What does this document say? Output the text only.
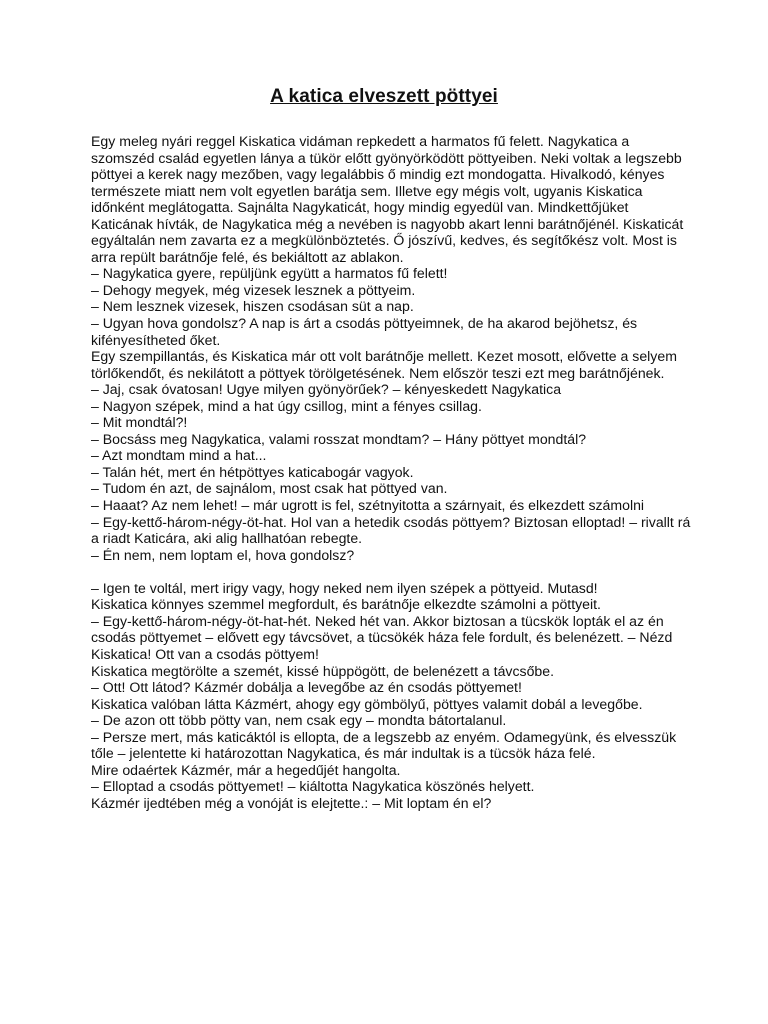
A katica elveszett pöttyei

Egy meleg nyári reggel Kiskatica vidáman repkedett a harmatos fű felett. Nagykatica a szomszéd család egyetlen lánya a tükör előtt gyönyörködött pöttyeiben. Neki voltak a legszebb pöttyei a kerek nagy mezőben, vagy legalábbis ő mindig ezt mondogatta. Hivalkodó, kényes természete miatt nem volt egyetlen barátja sem. Illetve egy mégis volt, ugyanis Kiskatica időnként meglátogatta. Sajnálta Nagykaticát, hogy mindig egyedül van. Mindkettőjüket Katicának hívták, de Nagykatica még a nevében is nagyobb akart lenni barátnőjénél. Kiskaticát egyáltalán nem zavarta ez a megkülönböztetés. Ő jószívű, kedves, és segítőkész volt. Most is arra repült barátnője felé, és bekiáltott az ablakon.

– Nagykatica gyere, repüljünk együtt a harmatos fű felett!

– Dehogy megyek, még vizesek lesznek a pöttyeim.

– Nem lesznek vizesek, hiszen csodásan süt a nap.

– Ugyan hova gondolsz? A nap is árt a csodás pöttyeimnek, de ha akarod bejöhetsz, és kifényesítheted őket.

Egy szempillantás, és Kiskatica már ott volt barátnője mellett. Kezet mosott, elővette a selyem törlőkendőt, és nekilátott a pöttyek törölgetésének. Nem először teszi ezt meg barátnőjének.

– Jaj, csak óvatosan! Ugye milyen gyönyörűek? – kényeskedett Nagykatica

– Nagyon szépek, mind a hat úgy csillog, mint a fényes csillag.

– Mit mondtál?!

– Bocsáss meg Nagykatica, valami rosszat mondtam? – Hány pöttyet mondtál?

– Azt mondtam mind a hat...

– Talán hét, mert én hétpöttyes katicabogár vagyok.

– Tudom én azt, de sajnálom, most csak hat pöttyed van.

– Haaat? Az nem lehet! – már ugrott is fel, szétnyitotta a szárnyait, és elkezdett számolni

– Egy-kettő-három-négy-öt-hat. Hol van a hetedik csodás pöttyem? Biztosan elloptad! – rivallt rá a riadt Katicára, aki alig hallhatóan rebegte.

– Én nem, nem loptam el, hova gondolsz?

– Igen te voltál, mert irigy vagy, hogy neked nem ilyen szépek a pöttyeid. Mutasd!

Kiskatica könnyes szemmel megfordult, és barátnője elkezdte számolni a pöttyeit.

– Egy-kettő-három-négy-öt-hat-hét. Neked hét van. Akkor biztosan a tücskök lopták el az én csodás pöttyemet – elővett egy távcsövet, a tücsökék háza fele fordult, és belenézett. – Nézd Kiskatica! Ott van a csodás pöttyem!

Kiskatica megtörölte a szemét, kissé hüppögött, de belenézett a távcsőbe.

– Ott! Ott látod? Kázmér dobálja a levegőbe az én csodás pöttyemet!

Kiskatica valóban látta Kázmért, ahogy egy gömbölyű, pöttyes valamit dobál a levegőbe.

– De azon ott több pötty van, nem csak egy – mondta bátortalanul.

– Persze mert, más katicáktól is ellopta, de a legszebb az enyém. Odamegyünk, és elvesszük tőle – jelentette ki határozottan Nagykatica, és már indultak is a tücsök háza felé.

Mire odaértek Kázmér, már a hegedűjét hangolta.

– Elloptad a csodás pöttyemet! – kiáltotta Nagykatica köszönés helyett.

Kázmér ijedtében még a vonóját is elejtette.: – Mit loptam én el?
